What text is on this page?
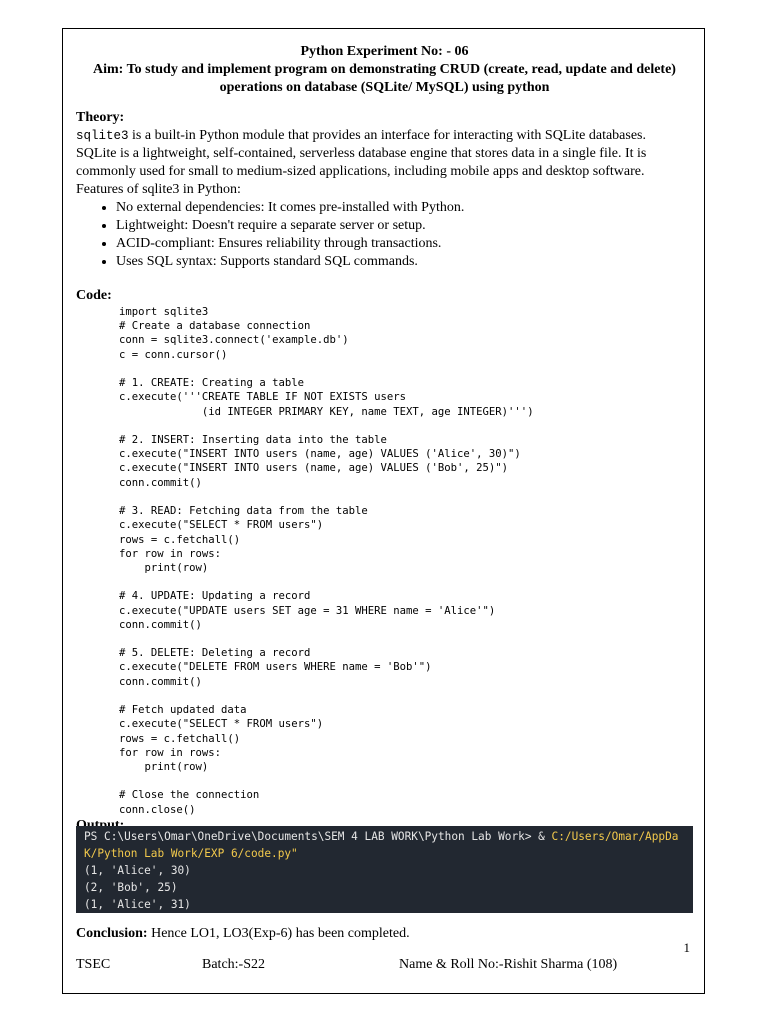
Python Experiment No: - 06
Aim: To study and implement program on demonstrating CRUD (create, read, update and delete)
operations on database (SQLite/ MySQL) using python
Theory:
sqlite3 is a built-in Python module that provides an interface for interacting with SQLite databases.
SQLite is a lightweight, self-contained, serverless database engine that stores data in a single file. It is
commonly used for small to medium-sized applications, including mobile apps and desktop software.
Features of sqlite3 in Python:
• No external dependencies: It comes pre-installed with Python.
• Lightweight: Doesn't require a separate server or setup.
• ACID-compliant: Ensures reliability through transactions.
• Uses SQL syntax: Supports standard SQL commands.
Code:
import sqlite3
# Create a database connection
conn = sqlite3.connect('example.db')
c = conn.cursor()

# 1. CREATE: Creating a table
c.execute('''CREATE TABLE IF NOT EXISTS users
(id INTEGER PRIMARY KEY, name TEXT, age INTEGER)''')

# 2. INSERT: Inserting data into the table
c.execute("INSERT INTO users (name, age) VALUES ('Alice', 30)")
c.execute("INSERT INTO users (name, age) VALUES ('Bob', 25)")
conn.commit()

# 3. READ: Fetching data from the table
c.execute("SELECT * FROM users")
rows = c.fetchall()
for row in rows:
print(row)

# 4. UPDATE: Updating a record
c.execute("UPDATE users SET age = 31 WHERE name = 'Alice'")
conn.commit()

# 5. DELETE: Deleting a record
c.execute("DELETE FROM users WHERE name = 'Bob'")
conn.commit()

# Fetch updated data
c.execute("SELECT * FROM users")
rows = c.fetchall()
for row in rows:
print(row)

# Close the connection
conn.close()
PS C:\Users\Omar\OneDrive\Documents\SEM 4 LAB WORK\Python Lab Work> & C:/Users/Omar/AppDa
K/Python Lab Work/EXP 6/code.py"
(1, 'Alice', 30)
(2, 'Bob', 25)
(1, 'Alice', 31)
Conclusion: Hence LO1, LO3(Exp-6) has been completed.
1
TSEC	Batch:-S22	Name & Roll No:-Rishit Sharma (108)
